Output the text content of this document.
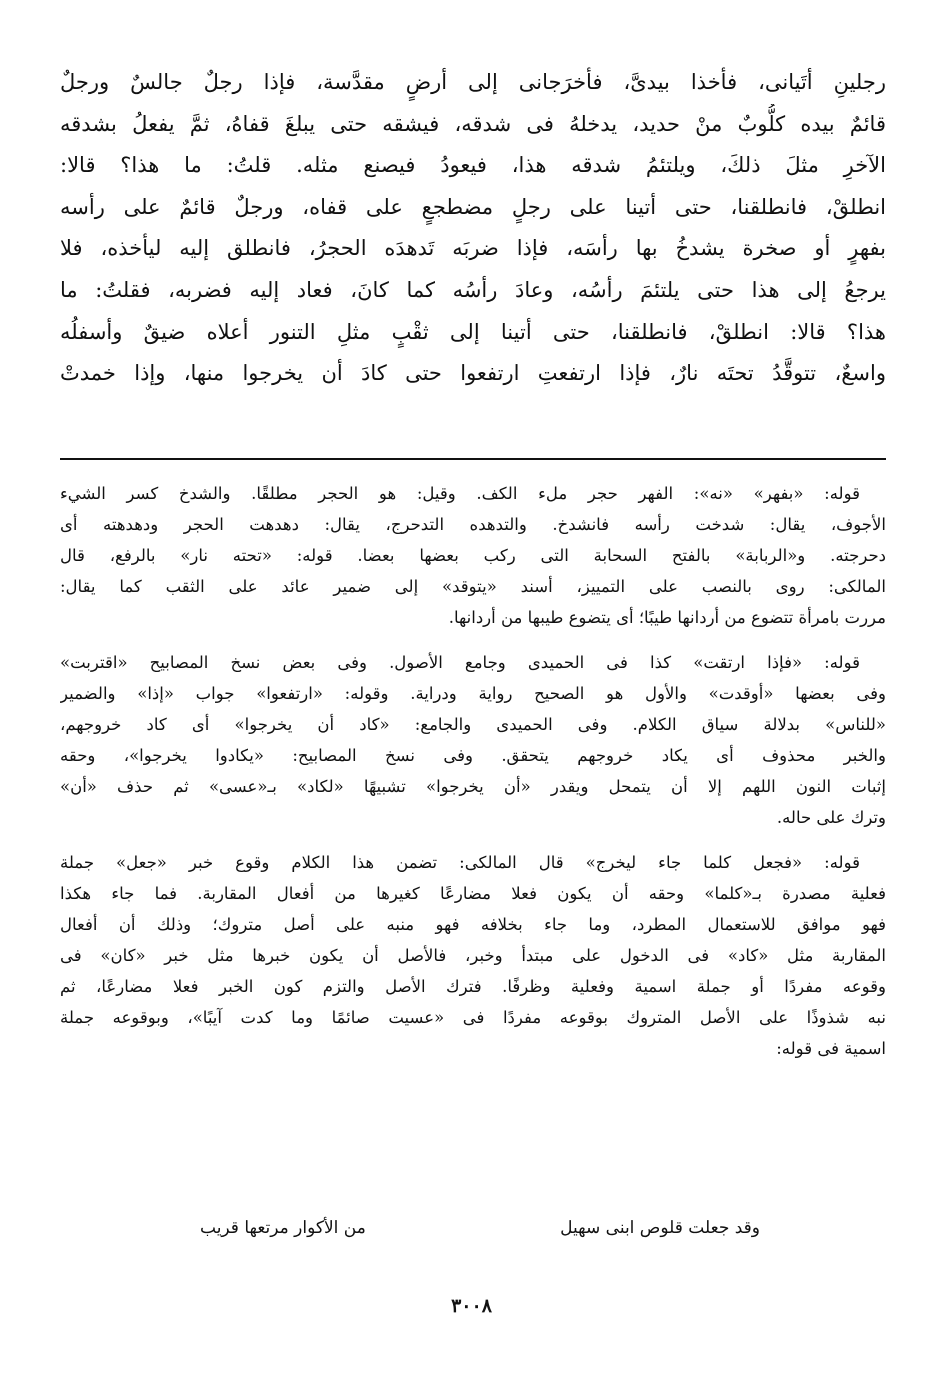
رجلينِ أتَيانى، فأخذا بيدىَّ، فأخرَجانى إلى أرضٍ مقدَّسة، فإذا رجلٌ جالسٌ ورجلٌ
قائمٌ بيده كلُّوبٌ منْ حديد، يدخلهُ فى شدقه، فيشقه حتى يبلغَ قفاهُ، ثمَّ يفعلُ بشدقه
الآخرِ مثلَ ذلكَ، ويلتئمُ شدقه هذا، فيعودُ فيصنع مثله. قلتُ: ما هذا؟ قالا:
انطلقْ، فانطلقنا، حتى أتينا على رجلٍ مضطجعٍ على قفاه، ورجلٌ قائمٌ على رأسه
بفهرٍ أو صخرة يشدخُ بها رأسَه، فإذا ضربَه تَدهدَه الحجرُ، فانطلق إليه ليأخذه، فلا
يرجعُ إلى هذا حتى يلتئمَ رأسُه، وعادَ رأسُه كما كانَ، فعاد إليه فضربه، فقلتُ: ما
هذا؟ قالا: انطلقْ، فانطلقنا، حتى أتينا إلى ثقْبٍ مثلِ التنور أعلاه ضيقٌ وأسفلُه
واسعٌ، تتوقَّدُ تحتَه نارٌ، فإذا ارتفعتِ ارتفعوا حتى كادَ أن يخرجوا منها، وإذا خمدتْ
قوله: «بفهر» «نه»: الفهر حجر ملء الكف. وقيل: هو الحجر مطلقًا. والشدخ كسر الشيء
الأجوف، يقال: شدخت رأسه فانشدخ. والتدهده التدحرج، يقال: دهدهت الحجر ودهدهته أى
دحرجته. و«الربابة» بالفتح السحابة التى ركب بعضها بعضا. قوله: «تحته نار» بالرفع، قال
المالكى: روى بالنصب على التمييز، أسند «يتوقد» إلى ضمير عائد على الثقب كما يقال:
مررت بامرأة تتضوع من أردانها طيبًا؛ أى يتضوع طيبها من أردانها.
قوله: «فإذا ارتقت» كذا فى الحميدى وجامع الأصول. وفى بعض نسخ المصابيح «اقتربت»
وفى بعضها «أوقدت» والأول هو الصحيح رواية ودراية. وقوله: «ارتفعوا» جواب «إذا» والضمير
«للناس» بدلالة سياق الكلام. وفى الحميدى والجامع: «كاد أن يخرجوا» أى كاد خروجهم،
والخبر محذوف أى يكاد خروجهم يتحقق. وفى نسخ المصابيح: «يكادوا يخرجوا»، وحقه
إثبات النون اللهم إلا أن يتمحل ويقدر «أن يخرجوا» تشبيهًا «لكاد» بـ«عسى» ثم حذف «أن»
وترك على حاله.
قوله: «فجعل كلما جاء ليخرج» قال المالكى: تضمن هذا الكلام وقوع خبر «جعل» جملة
فعلية مصدرة بـ«كلما» وحقه أن يكون فعلا مضارعًا كغيرها من أفعال المقاربة. فما جاء هكذا
فهو موافق للاستعمال المطرد، وما جاء بخلافه فهو منبه على أصل متروك؛ وذلك أن أفعال
المقاربة مثل «كاد» فى الدخول على مبتدأ وخبر، فالأصل أن يكون خبرها مثل خبر «كان» فى
وقوعه مفردًا أو جملة اسمية وفعلية وظرفًا. فترك الأصل والتزم كون الخبر فعلا مضارعًا، ثم
نبه شذوذًا على الأصل المتروك بوقوعه مفردًا فى «عسيت صائمًا وما كدت آيبًا»، وبوقوعه جملة
اسمية فى قوله:
وقد جعلت قلوص ابنى سهيل
من الأكوار مرتعها قريب
٣٠٠٨
